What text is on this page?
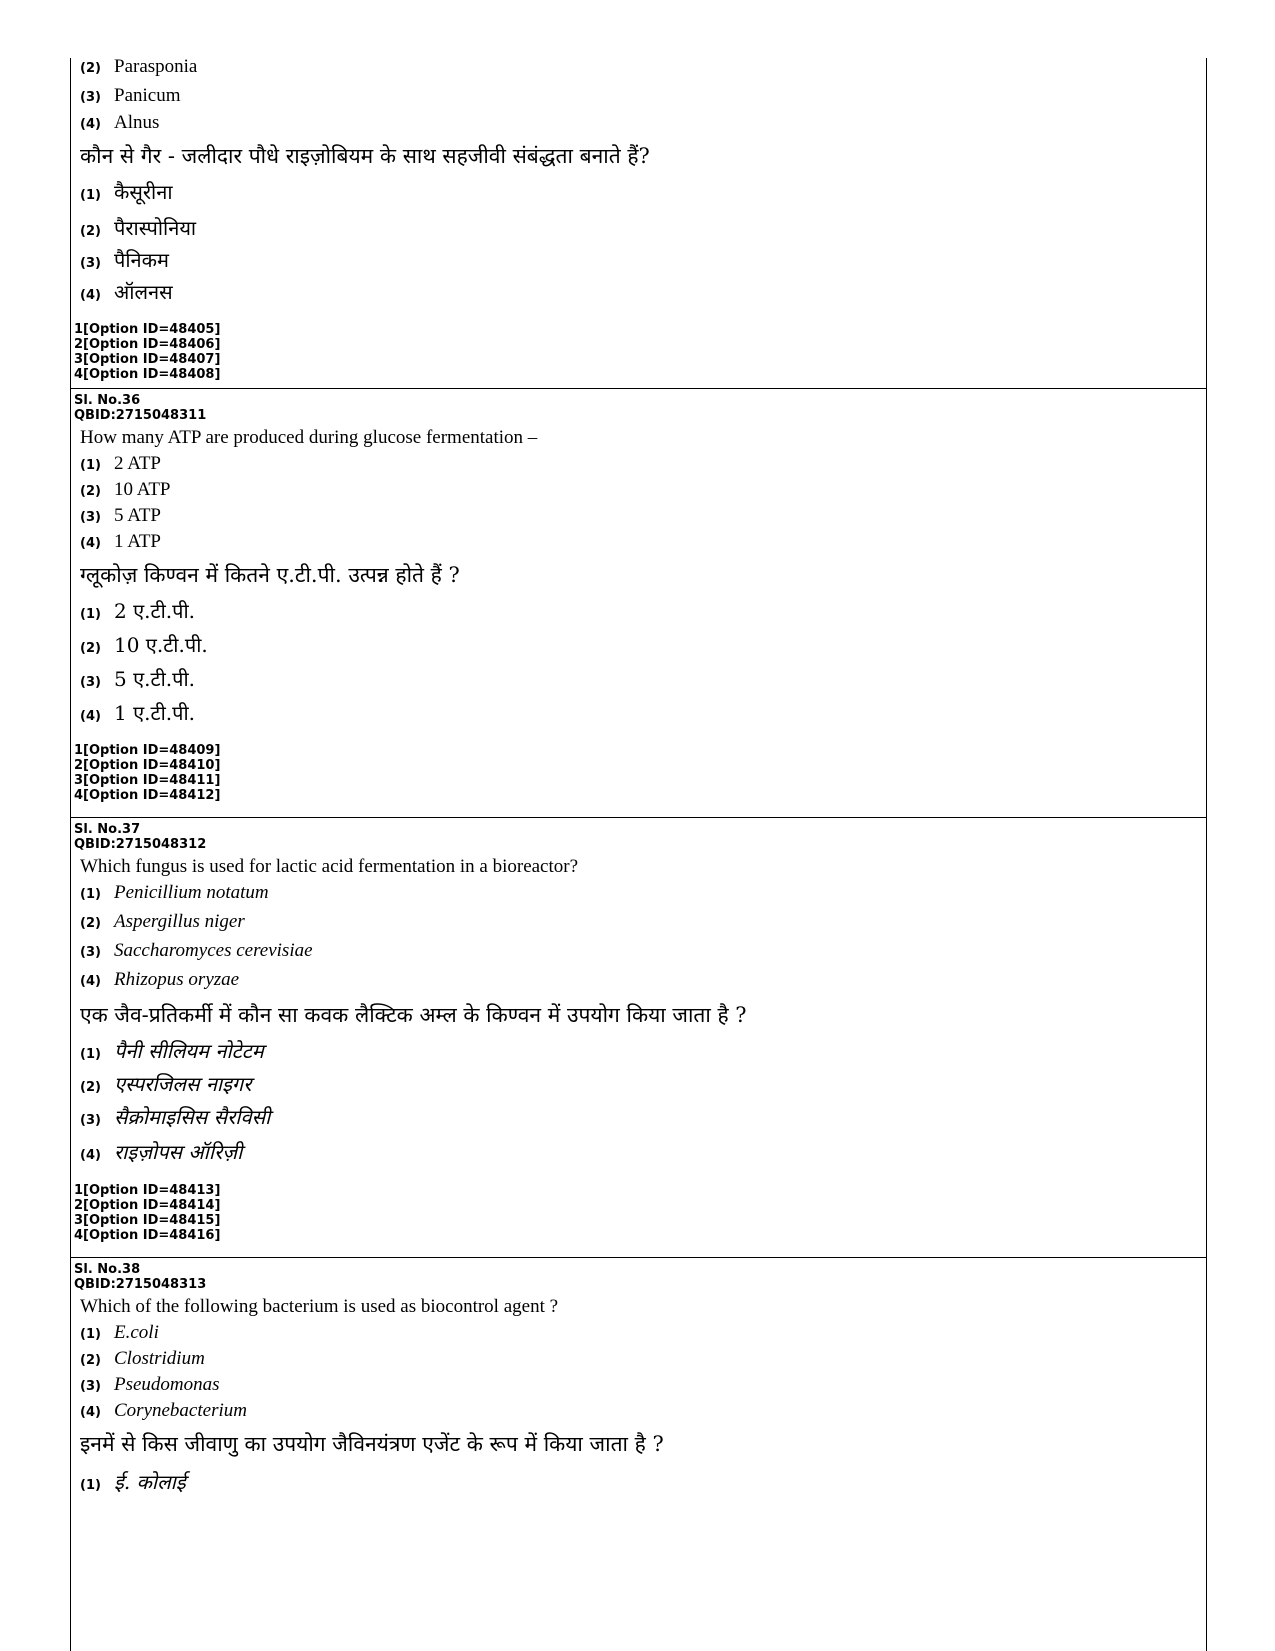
(2) Parasponia
(3) Panicum
(4) Alnus
कौन से गैर - जलीदार पौधे राइज़ोबियम के साथ सहजीवी संबंद्धता बनाते हैं?
(1) कैसूरीना
(2) पैरास्पोनिया
(3) पैनिकम
(4) ऑलनस
1[Option ID=48405]
2[Option ID=48406]
3[Option ID=48407]
4[Option ID=48408]
Sl. No.36
QBID:2715048311
How many ATP are produced during glucose fermentation –
(1) 2 ATP
(2) 10 ATP
(3) 5 ATP
(4) 1 ATP
ग्लूकोज़ किण्वन में कितने ए.टी.पी. उत्पन्न होते हैं ?
(1) 2 ए.टी.पी.
(2) 10 ए.टी.पी.
(3) 5 ए.टी.पी.
(4) 1 ए.टी.पी.
1[Option ID=48409]
2[Option ID=48410]
3[Option ID=48411]
4[Option ID=48412]
Sl. No.37
QBID:2715048312
Which fungus is used for lactic acid fermentation in a bioreactor?
(1) Penicillium notatum
(2) Aspergillus niger
(3) Saccharomyces cerevisiae
(4) Rhizopus oryzae
एक जैव-प्रतिकर्मी में कौन सा कवक लैक्टिक अम्ल के किण्वन में उपयोग किया जाता है ?
(1) पैनी सीलियम नोटेटम
(2) एस्परजिलस नाइगर
(3) सैक्रोमाइसिस सैरविसी
(4) राइज़ोपस ऑरिज़ी
1[Option ID=48413]
2[Option ID=48414]
3[Option ID=48415]
4[Option ID=48416]
Sl. No.38
QBID:2715048313
Which of the following bacterium is used as biocontrol agent ?
(1) E.coli
(2) Clostridium
(3) Pseudomonas
(4) Corynebacterium
इनमें से किस जीवाणु का उपयोग जैविनयंत्रण एजेंट के रूप में किया जाता है ?
(1) ई. कोलाई
